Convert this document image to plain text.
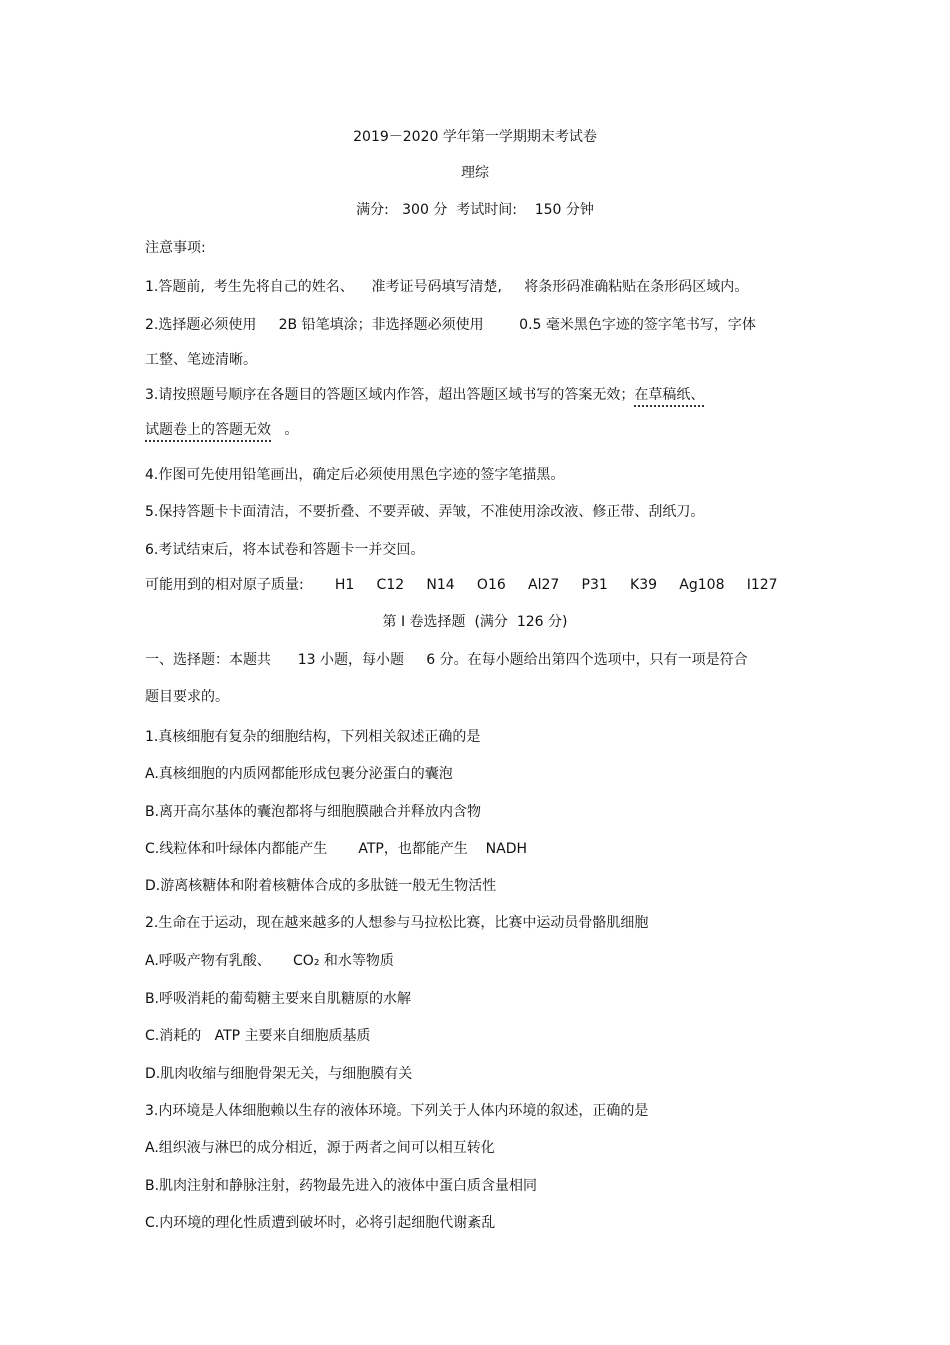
2019－2020 学年第一学期期末考试卷
理综
满分:   300 分  考试时间:    150 分钟
注意事项:
1.答题前,  考生先将自己的姓名、    准考证号码填写清楚,     将条形码准确粘贴在条形码区域内。
2.选择题必须使用     2B 铅笔填涂；非选择题必须使用        0.5 毫米黑色字迹的签字笔书写，字体
工整、笔迹清晰。
3.请按照题号顺序在各题目的答题区域内作答，超出答题区域书写的答案无效；在草稿纸、
试题卷上的答题无效   。
4.作图可先使用铅笔画出，确定后必须使用黑色字迹的签字笔描黑。
5.保持答题卡卡面清洁，不要折叠、不要弄破、弄皱，不准使用涂改液、修正带、刮纸刀。
6.考试结束后，将本试卷和答题卡一并交回。
可能用到的相对原子质量:       H1     C12     N14     O16     Al27     P31     K39     Ag108     I127
第 Ⅰ 卷选择题  (满分  126 分)
一、选择题：本题共      13 小题，每小题     6 分。在每小题给出第四个选项中，只有一项是符合
题目要求的。
1.真核细胞有复杂的细胞结构，下列相关叙述正确的是
A.真核细胞的内质网都能形成包裹分泌蛋白的囊泡
B.离开高尔基体的囊泡都将与细胞膜融合并释放内含物
C.线粒体和叶绿体内都能产生       ATP，也都能产生    NADH
D.游离核糖体和附着核糖体合成的多肽链一般无生物活性
2.生命在于运动，现在越来越多的人想参与马拉松比赛，比赛中运动员骨骼肌细胞
A.呼吸产物有乳酸、     CO₂ 和水等物质
B.呼吸消耗的葡萄糖主要来自肌糖原的水解
C.消耗的   ATP 主要来自细胞质基质
D.肌肉收缩与细胞骨架无关，与细胞膜有关
3.内环境是人体细胞赖以生存的液体环境。下列关于人体内环境的叙述，正确的是
A.组织液与淋巴的成分相近，源于两者之间可以相互转化
B.肌肉注射和静脉注射，药物最先进入的液体中蛋白质含量相同
C.内环境的理化性质遭到破坏时，必将引起细胞代谢紊乱
